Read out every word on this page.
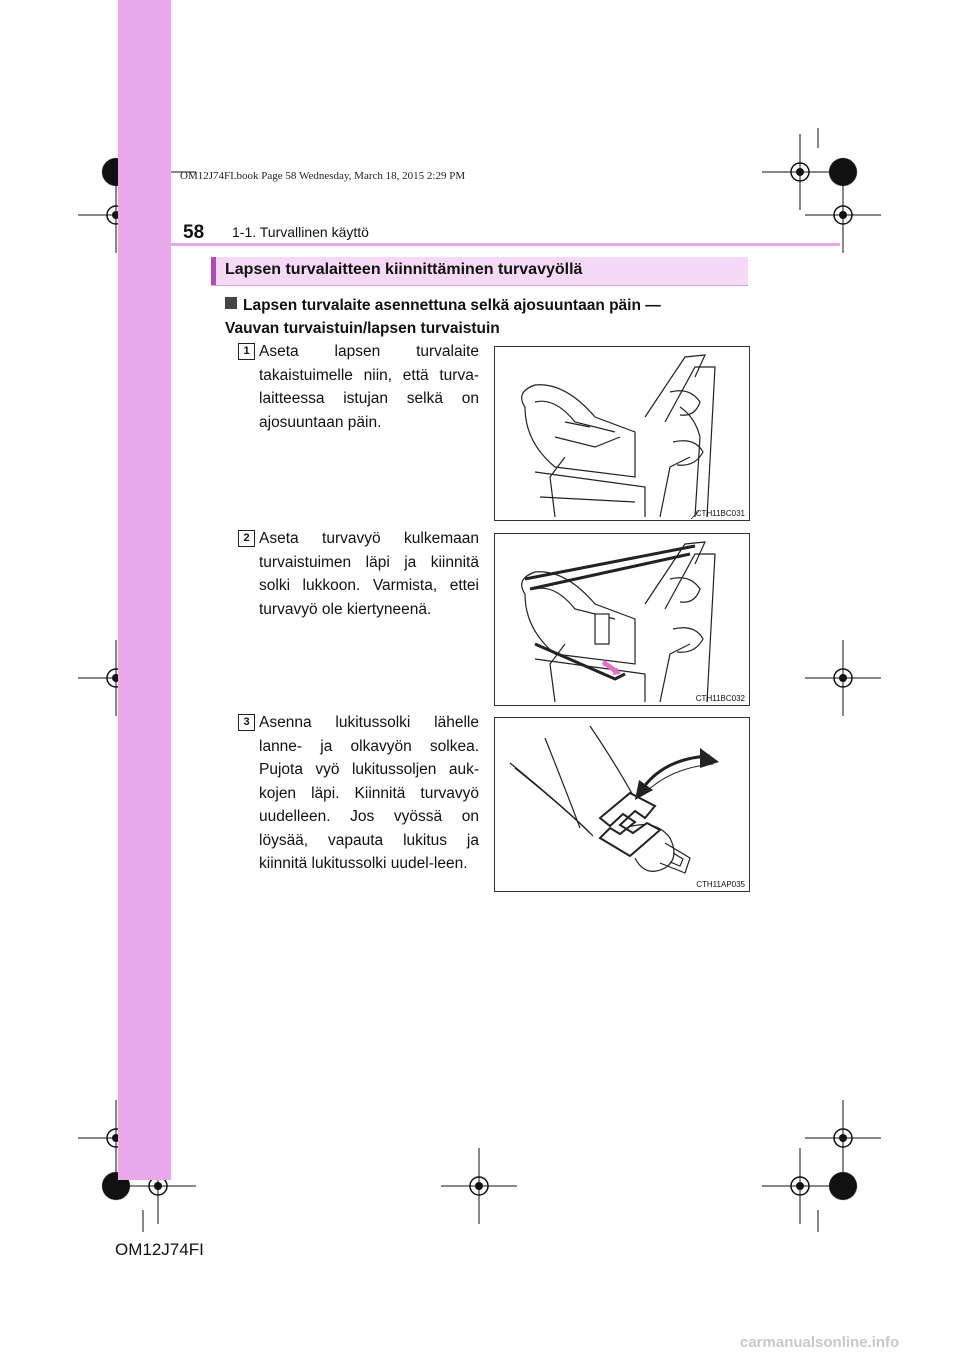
OM12J74FI.book Page 58 Wednesday, March 18, 2015 2:29 PM
58 1-1. Turvallinen käyttö
Lapsen turvalaitteen kiinnittäminen turvavyöllä
Lapsen turvalaite asennettuna selkä ajosuuntaan päin — Vauvan turvaistuin/lapsen turvaistuin
1 Aseta lapsen turvalaite takaistuimelle niin, että turva-laitteessa istujan selkä on ajosuuntaan päin.
CTH11BC031
2 Aseta turvavyö kulkemaan turvaistuimen läpi ja kiinnitä solki lukkoon. Varmista, ettei turvavyö ole kiertyneenä.
CTH11BC032
3 Asenna lukitussolki lähelle lanne- ja olkavyön solkea. Pujota vyö lukitussoljen auk-kojen läpi. Kiinnitä turvavyö uudelleen. Jos vyössä on löysää, vapauta lukitus ja kiinnitä lukitussolki uudel-leen.
CTH11AP035
OM12J74FI
carmanualsonline.info
